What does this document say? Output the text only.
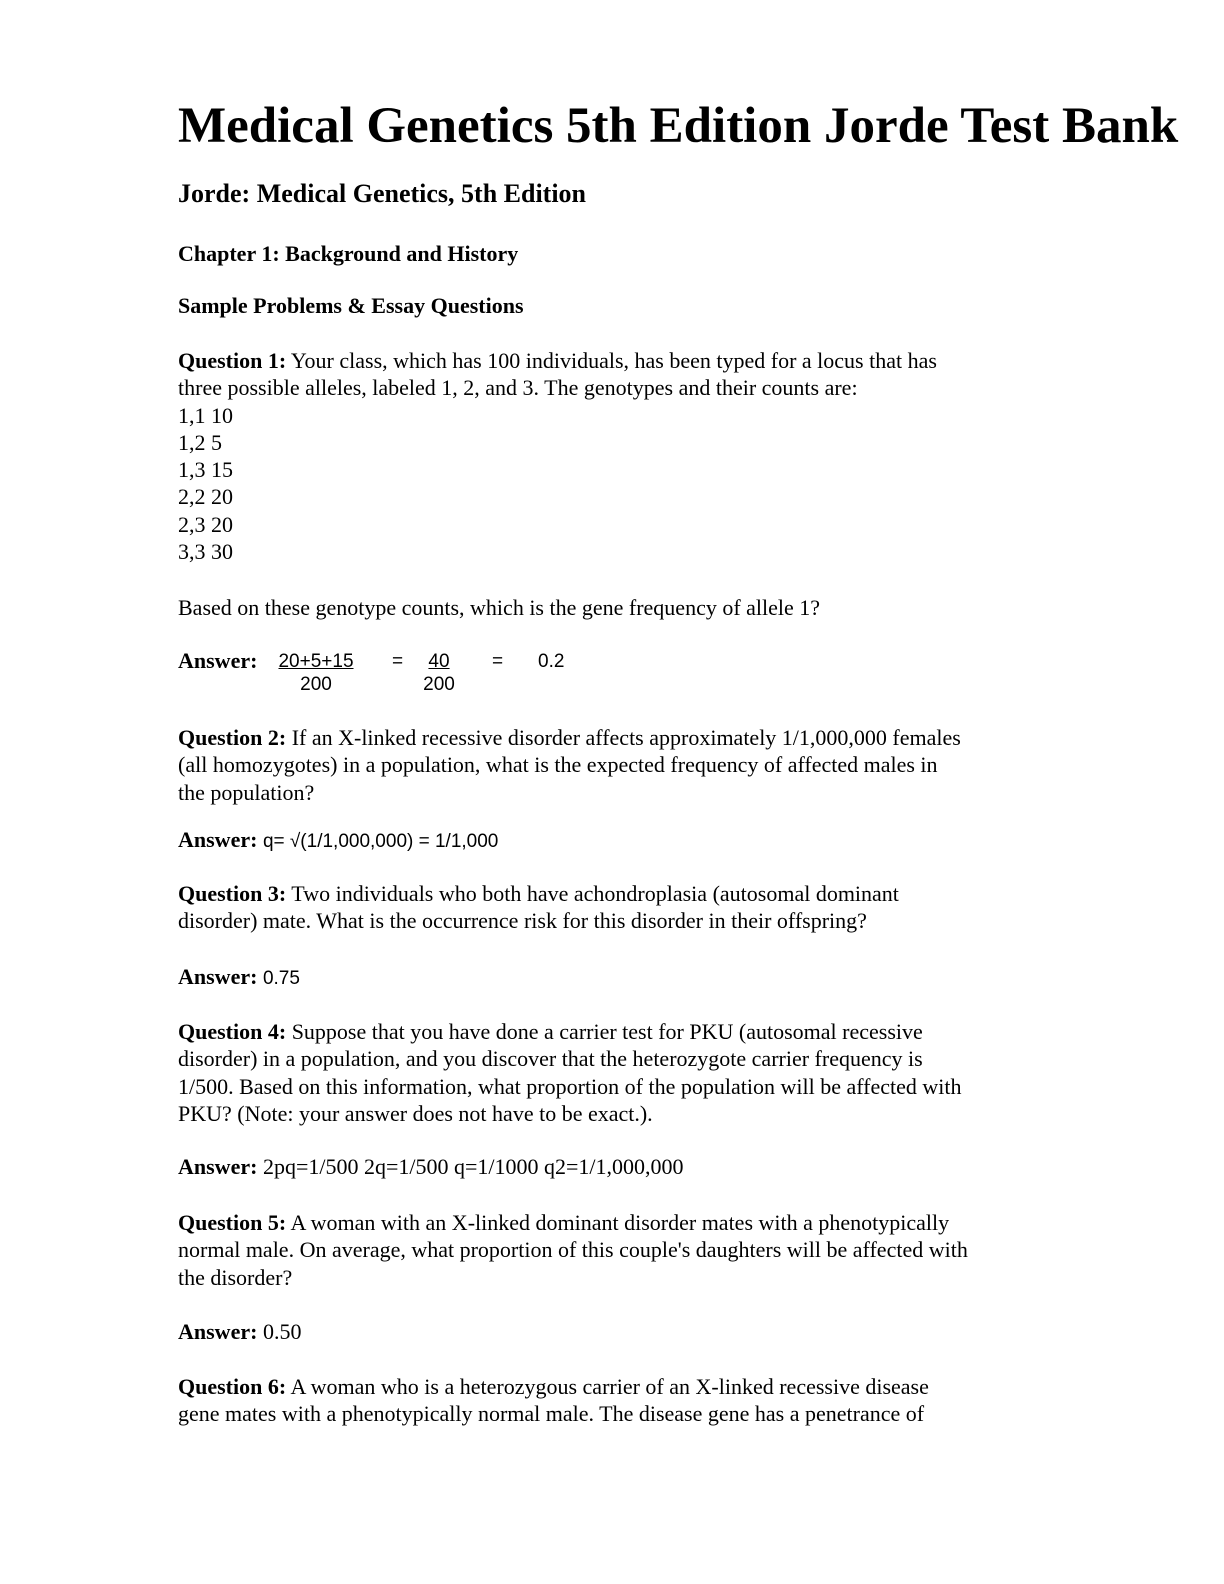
Medical Genetics 5th Edition Jorde Test Bank
Jorde: Medical Genetics, 5th Edition
Chapter 1: Background and History
Sample Problems & Essay Questions
Question 1: Your class, which has 100 individuals, has been typed for a locus that has
three possible alleles, labeled 1, 2, and 3. The genotypes and their counts are:
1,1 10
1,2 5
1,3 15
2,2 20
2,3 20
3,3 30
Based on these genotype counts, which is the gene frequency of allele 1?
Answer: $\frac{20+5+15}{200} = \frac{40}{200} = 0.2$
Question 2: If an X-linked recessive disorder affects approximately 1/1,000,000 females
(all homozygotes) in a population, what is the expected frequency of affected males in
the population?
Answer: q= √(1/1,000,000) = 1/1,000
Question 3: Two individuals who both have achondroplasia (autosomal dominant
disorder) mate. What is the occurrence risk for this disorder in their offspring?
Answer: 0.75
Question 4: Suppose that you have done a carrier test for PKU (autosomal recessive
disorder) in a population, and you discover that the heterozygote carrier frequency is
1/500. Based on this information, what proportion of the population will be affected with
PKU? (Note: your answer does not have to be exact.).
Answer: 2pq=1/500 2q=1/500 q=1/1000 q2=1/1,000,000
Question 5: A woman with an X-linked dominant disorder mates with a phenotypically
normal male. On average, what proportion of this couple's daughters will be affected with
the disorder?
Answer: 0.50
Question 6: A woman who is a heterozygous carrier of an X-linked recessive disease
gene mates with a phenotypically normal male. The disease gene has a penetrance of
